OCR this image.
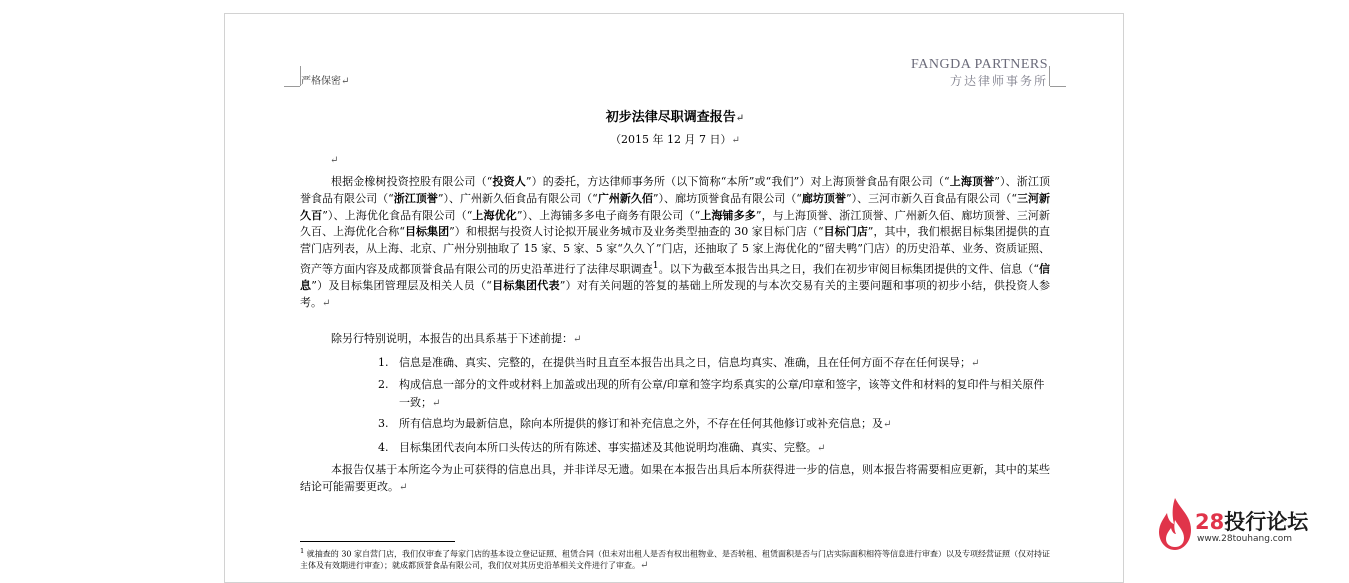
严格保密↵
FANGDA PARTNERS
方达律师事务所
初步法律尽职调查报告↵
（2015 年 12 月 7 日）↵
↵

根据金橡树投资控股有限公司（“投资人”）的委托，方达律师事务所（以下简称“本所”或“我们”）对上海顶誉食品有限公司（“上海顶誉”）、浙江顶誉食品有限公司（“浙江顶誉”）、广州新久佰食品有限公司（“广州新久佰”）、廊坊顶誉食品有限公司（“廊坊顶誉”）、三河市新久百食品有限公司（“三河新久百”）、上海优化食品有限公司（“上海优化”）、上海铺多多电子商务有限公司（“上海铺多多”，与上海顶誉、浙江顶誉、广州新久佰、廊坊顶誉、三河新久百、上海优化合称“目标集团”）和根据与投资人讨论拟开展业务城市及业务类型抽查的 30 家目标门店（“目标门店”，其中，我们根据目标集团提供的直营门店列表，从上海、北京、广州分别抽取了 15 家、5 家、5 家“久久丫”门店，还抽取了 5 家上海优化的“留夫鸭”门店）的历史沿革、业务、资质证照、资产等方面内容及成都顶誉食品有限公司的历史沿革进行了法律尽职调查$^1$。以下为截至本报告出具之日，我们在初步审阅目标集团提供的文件、信息（“信息”）及目标集团管理层及相关人员（“目标集团代表”）对有关问题的答复的基础上所发现的与本次交易有关的主要问题和事项的初步小结，供投资人参考。↵

除另行特别说明，本报告的出具系基于下述前提：↵

1. 信息是准确、真实、完整的，在提供当时且直至本报告出具之日，信息均真实、准确，且在任何方面不存在任何误导；↵
2. 构成信息一部分的文件或材料上加盖或出现的所有公章/印章和签字均系真实的公章/印章和签字，该等文件和材料的复印件与相关原件一致；↵
3. 所有信息均为最新信息，除向本所提供的修订和补充信息之外，不存在任何其他修订或补充信息；及↵
4. 目标集团代表向本所口头传达的所有陈述、事实描述及其他说明均准确、真实、完整。↵

本报告仅基于本所迄今为止可获得的信息出具，并非详尽无遗。如果在本报告出具后本所获得进一步的信息，则本报告将需要相应更新，其中的某些结论可能需要更改。↵

$^1$ 就抽查的 30 家自营门店，我们仅审查了每家门店的基本设立登记证照、租赁合同（但未对出租人是否有权出租物业、是否转租、租赁面积是否与门店实际面积相符等信息进行审查）以及专项经营证照（仅对持证主体及有效期进行审查）；就成都顶誉食品有限公司，我们仅对其历史沿革相关文件进行了审查。↵
28投行论坛
www.28touhang.com
